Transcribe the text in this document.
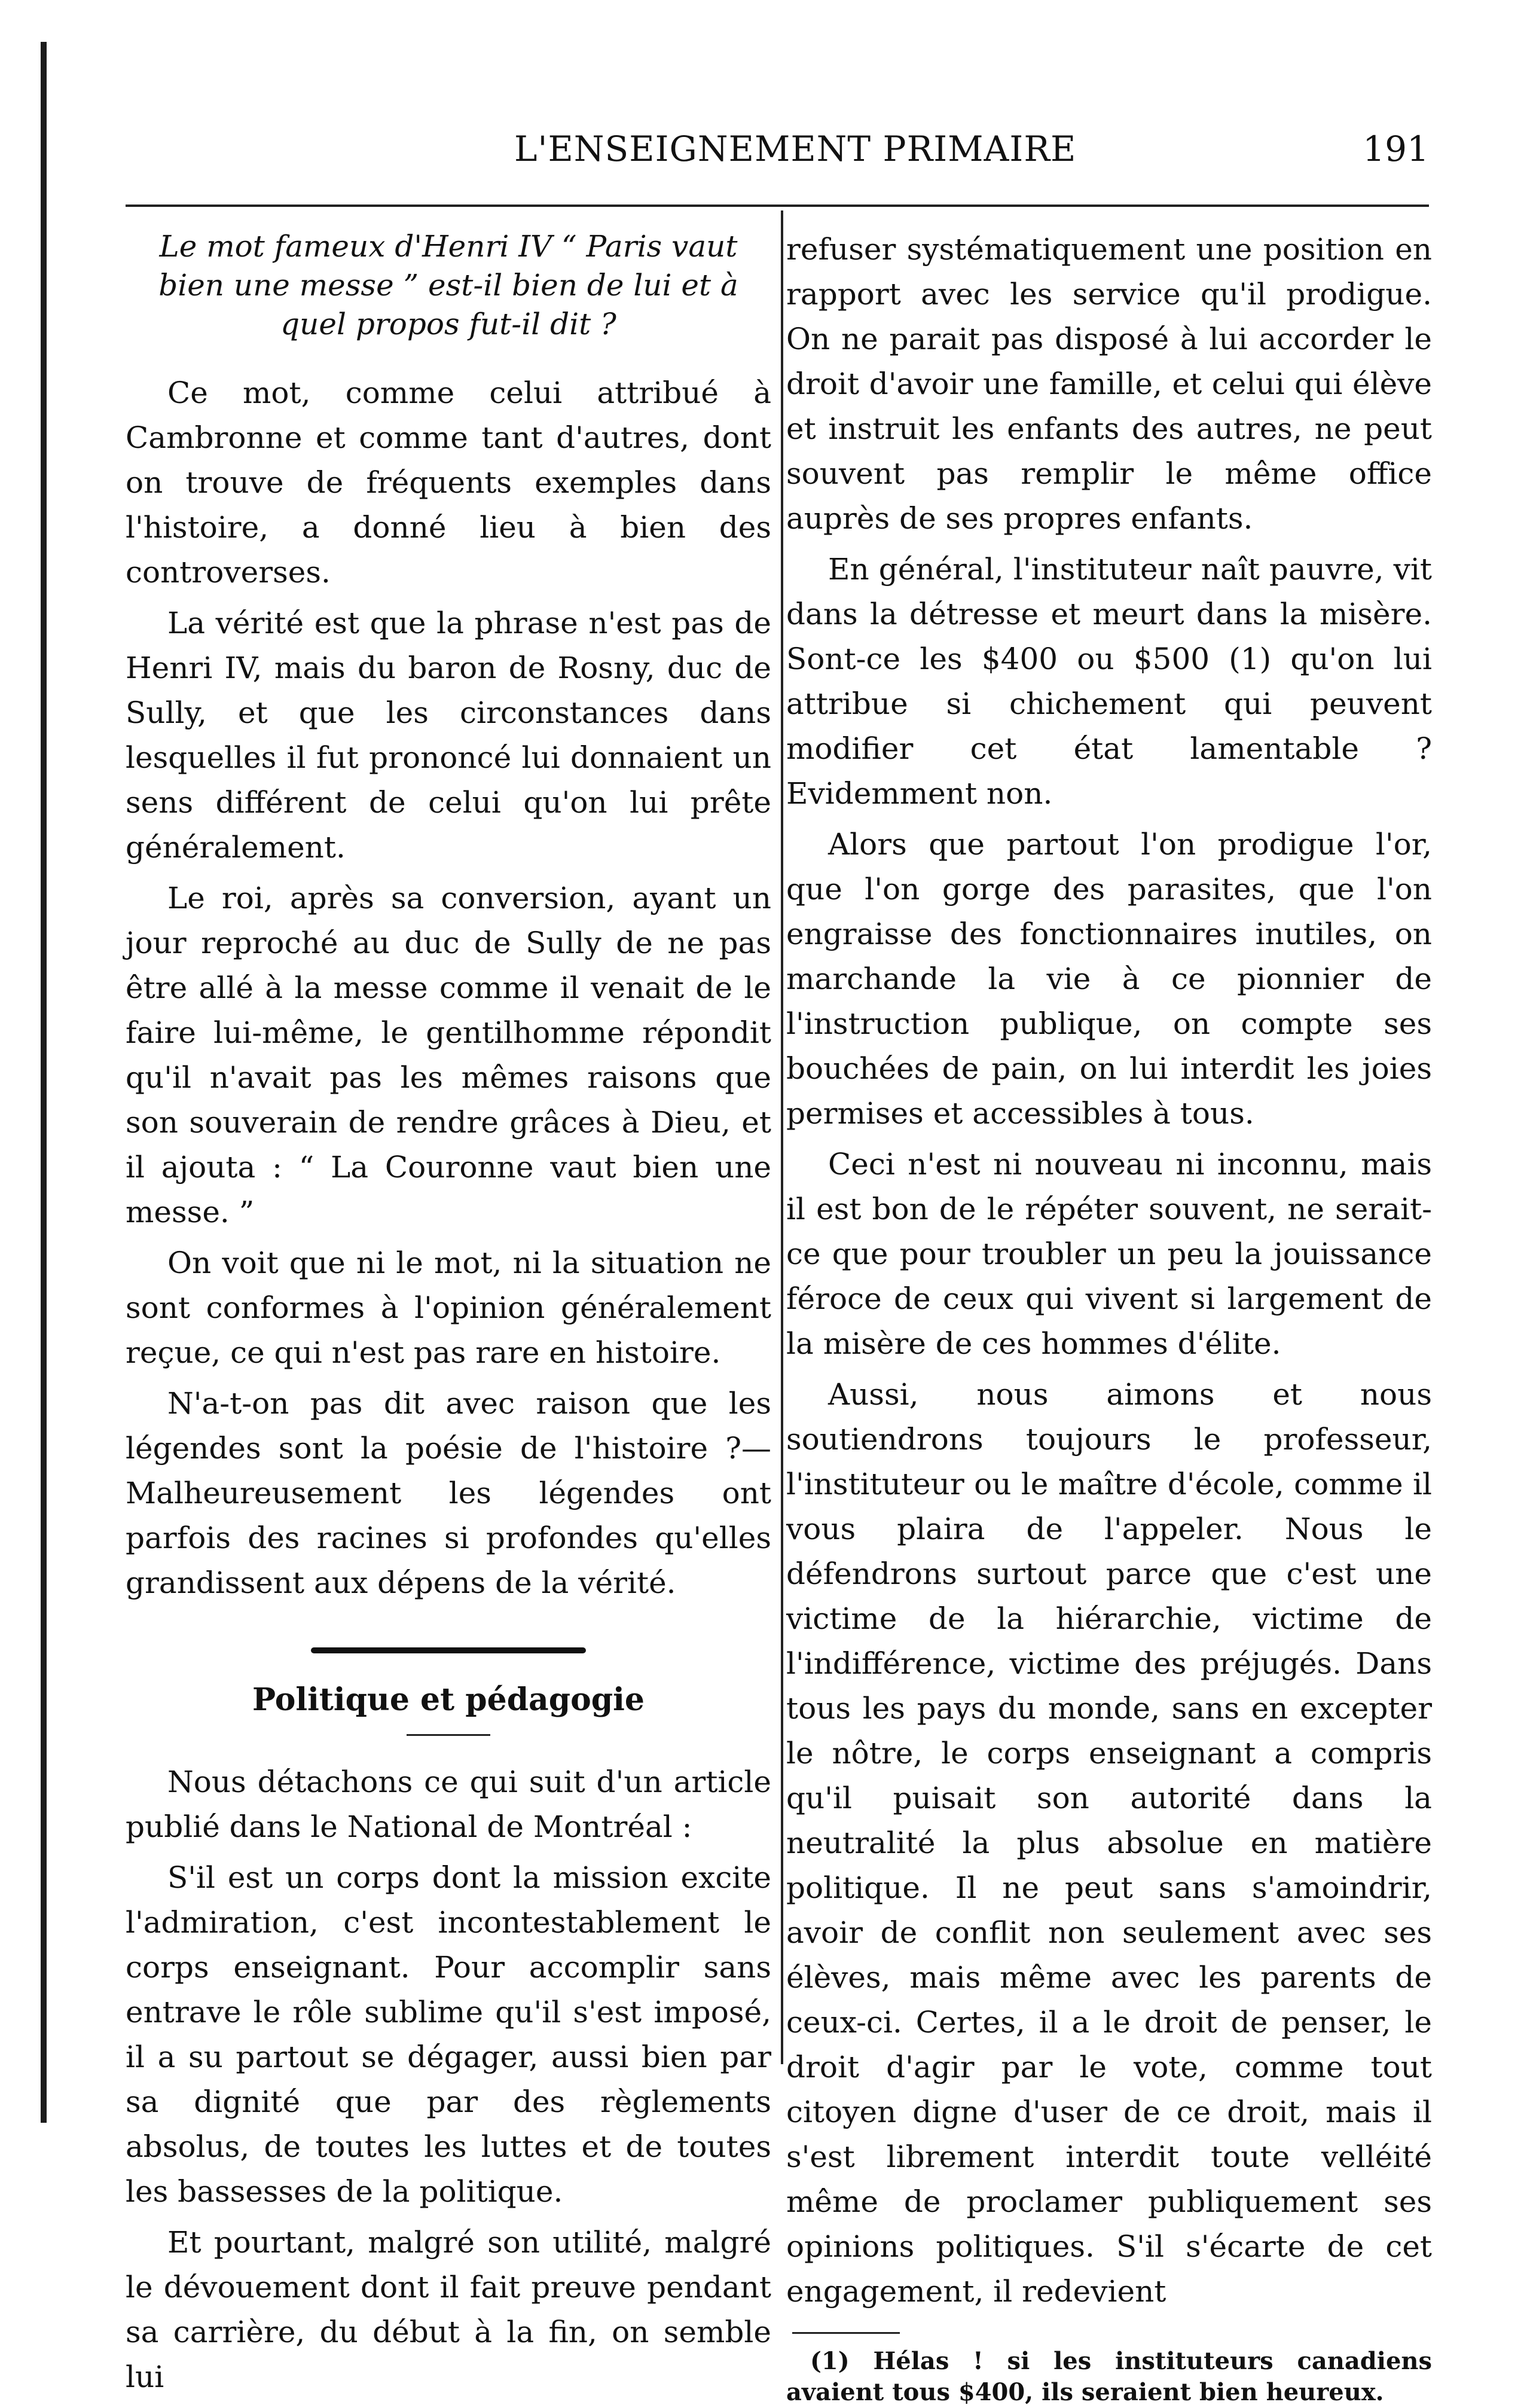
L'ENSEIGNEMENT PRIMAIRE	191

Le mot fameux d'Henri IV “ Paris vaut bien une messe ” est-il bien de lui et à quel propos fut-il dit ?

Ce mot, comme celui attribué à Cambronne et comme tant d'autres, dont on trouve de fréquents exemples dans l'histoire, a donné lieu à bien des controverses.

La vérité est que la phrase n'est pas de Henri IV, mais du baron de Rosny, duc de Sully, et que les circonstances dans lesquelles il fut prononcé lui donnaient un sens différent de celui qu'on lui prête généralement.

Le roi, après sa conversion, ayant un jour reproché au duc de Sully de ne pas être allé à la messe comme il venait de le faire lui-même, le gentilhomme répondit qu'il n'avait pas les mêmes raisons que son souverain de rendre grâces à Dieu, et il ajouta : “ La Couronne vaut bien une messe. ”

On voit que ni le mot, ni la situation ne sont conformes à l'opinion généralement reçue, ce qui n'est pas rare en histoire.

N'a-t-on pas dit avec raison que les légendes sont la poésie de l'histoire ?—Malheureusement les légendes ont parfois des racines si profondes qu'elles grandissent aux dépens de la vérité.

Politique et pédagogie

Nous détachons ce qui suit d'un article publié dans le National de Montréal :

S'il est un corps dont la mission excite l'admiration, c'est incontestablement le corps enseignant. Pour accomplir sans entrave le rôle sublime qu'il s'est imposé, il a su partout se dégager, aussi bien par sa dignité que par des règlements absolus, de toutes les luttes et de toutes les bassesses de la politique.

Et pourtant, malgré son utilité, malgré le dévouement dont il fait preuve pendant sa carrière, du début à la fin, on semble lui

refuser systématiquement une position en rapport avec les service qu'il prodigue. On ne parait pas disposé à lui accorder le droit d'avoir une famille, et celui qui élève et instruit les enfants des autres, ne peut souvent pas remplir le même office auprès de ses propres enfants.

En général, l'instituteur naît pauvre, vit dans la détresse et meurt dans la misère. Sont-ce les $400 ou $500 (1) qu'on lui attribue si chichement qui peuvent modifier cet état lamentable ? Evidemment non.

Alors que partout l'on prodigue l'or, que l'on gorge des parasites, que l'on engraisse des fonctionnaires inutiles, on marchande la vie à ce pionnier de l'instruction publique, on compte ses bouchées de pain, on lui interdit les joies permises et accessibles à tous.

Ceci n'est ni nouveau ni inconnu, mais il est bon de le répéter souvent, ne serait-ce que pour troubler un peu la jouissance féroce de ceux qui vivent si largement de la misère de ces hommes d'élite.

Aussi, nous aimons et nous soutiendrons toujours le professeur, l'instituteur ou le maître d'école, comme il vous plaira de l'appeler. Nous le défendrons surtout parce que c'est une victime de la hiérarchie, victime de l'indifférence, victime des préjugés. Dans tous les pays du monde, sans en excepter le nôtre, le corps enseignant a compris qu'il puisait son autorité dans la neutralité la plus absolue en matière politique. Il ne peut sans s'amoindrir, avoir de conflit non seulement avec ses élèves, mais même avec les parents de ceux-ci. Certes, il a le droit de penser, le droit d'agir par le vote, comme tout citoyen digne d'user de ce droit, mais il s'est librement interdit toute velléité même de proclamer publiquement ses opinions politiques. S'il s'écarte de cet engagement, il redevient

(1) Hélas ! si les instituteurs canadiens avaient tous $400, ils seraient bien heureux.
